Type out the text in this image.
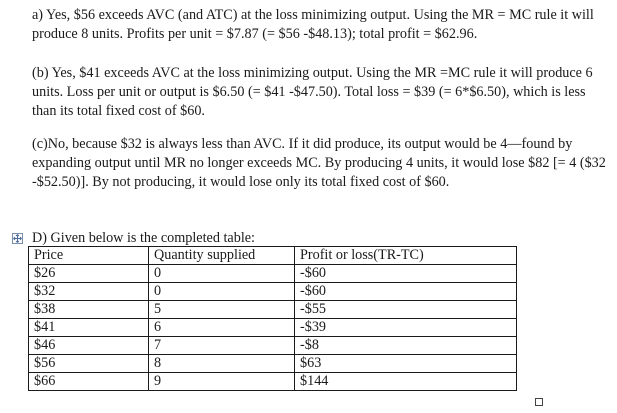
a) Yes, $56 exceeds AVC (and ATC) at the loss minimizing output. Using the MR = MC rule it will produce 8 units. Profits per unit = $7.87 (= $56 -$48.13); total profit = $62.96.

(b) Yes, $41 exceeds AVC at the loss minimizing output. Using the MR =MC rule it will produce 6 units. Loss per unit or output is $6.50 (= $41 -$47.50). Total loss = $39 (= 6*$6.50), which is less than its total fixed cost of $60.

(c)No, because $32 is always less than AVC. If it did produce, its output would be 4—found by expanding output until MR no longer exceeds MC. By producing 4 units, it would lose $82 [= 4 ($32 -$52.50)]. By not producing, it would lose only its total fixed cost of $60.

D) Given below is the completed table:

Price	Quantity supplied	Profit or loss(TR-TC)
$26	0	-$60
$32	0	-$60
$38	5	-$55
$41	6	-$39
$46	7	-$8
$56	8	$63
$66	9	$144
